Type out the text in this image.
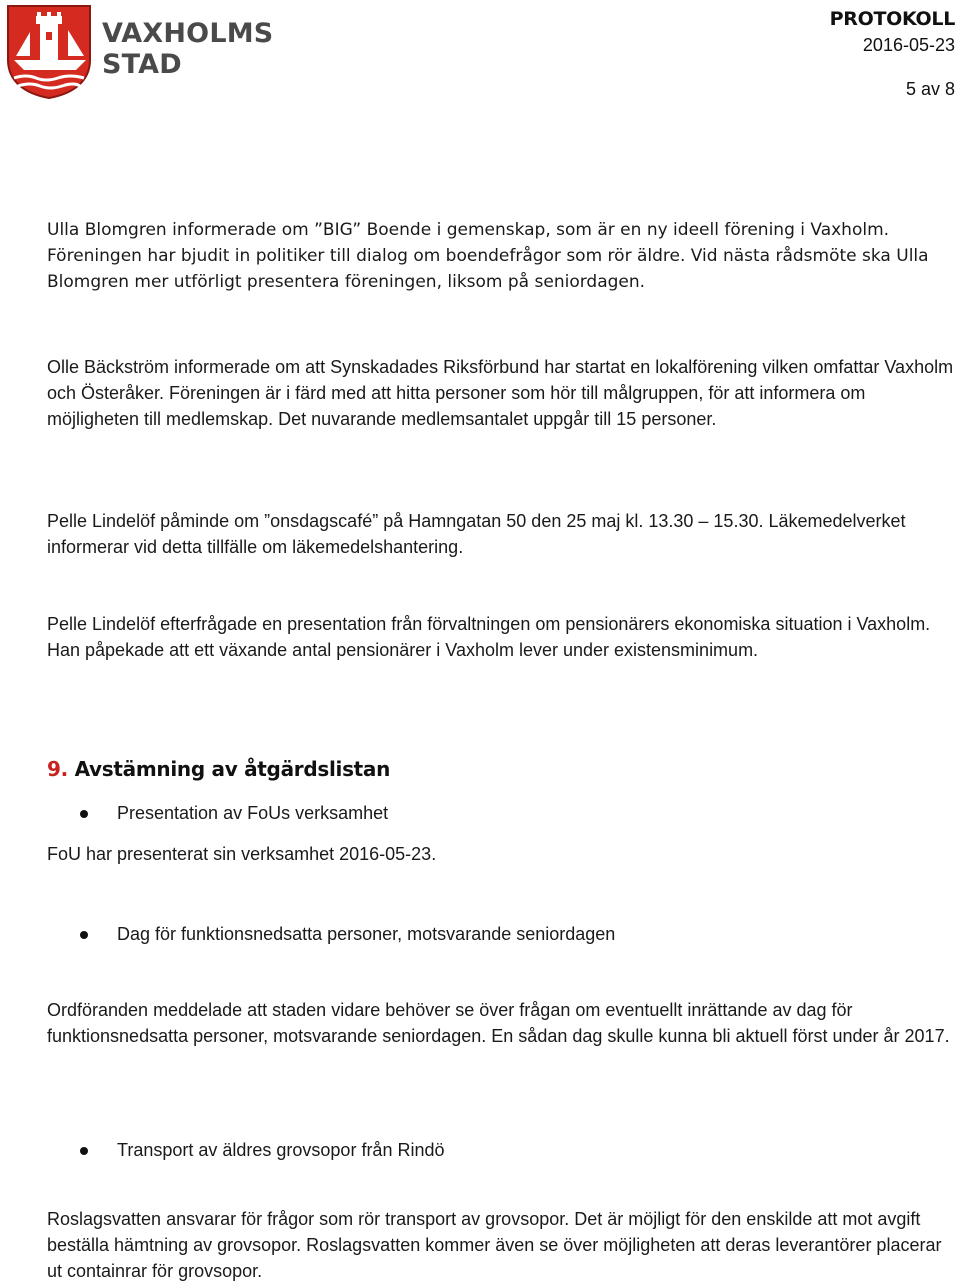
VAXHOLMS
STAD
PROTOKOLL
2016-05-23
5 av 8

Ulla Blomgren informerade om ”BIG” Boende i gemenskap, som är en ny ideell förening i Vaxholm. Föreningen har bjudit in politiker till dialog om boendefrågor som rör äldre. Vid nästa rådsmöte ska Ulla Blomgren mer utförligt presentera föreningen, liksom på seniordagen.

Olle Bäckström informerade om att Synskadades Riksförbund har startat en lokalförening vilken omfattar Vaxholm och Österåker. Föreningen är i färd med att hitta personer som hör till målgruppen, för att informera om möjligheten till medlemskap. Det nuvarande medlemsantalet uppgår till 15 personer.

Pelle Lindelöf påminde om ”onsdagscafé” på Hamngatan 50 den 25 maj kl. 13.30 – 15.30. Läkemedelverket informerar vid detta tillfälle om läkemedelshantering.

Pelle Lindelöf efterfrågade en presentation från förvaltningen om pensionärers ekonomiska situation i Vaxholm. Han påpekade att ett växande antal pensionärer i Vaxholm lever under existensminimum.

9. Avstämning av åtgärdslistan
Presentation av FoUs verksamhet

FoU har presenterat sin verksamhet 2016-05-23.

Dag för funktionsnedsatta personer, motsvarande seniordagen

Ordföranden meddelade att staden vidare behöver se över frågan om eventuellt inrättande av dag för funktionsnedsatta personer, motsvarande seniordagen. En sådan dag skulle kunna bli aktuell först under år 2017.

Transport av äldres grovsopor från Rindö

Roslagsvatten ansvarar för frågor som rör transport av grovsopor. Det är möjligt för den enskilde att mot avgift beställa hämtning av grovsopor. Roslagsvatten kommer även se över möjligheten att deras leverantörer placerar ut containrar för grovsopor.
